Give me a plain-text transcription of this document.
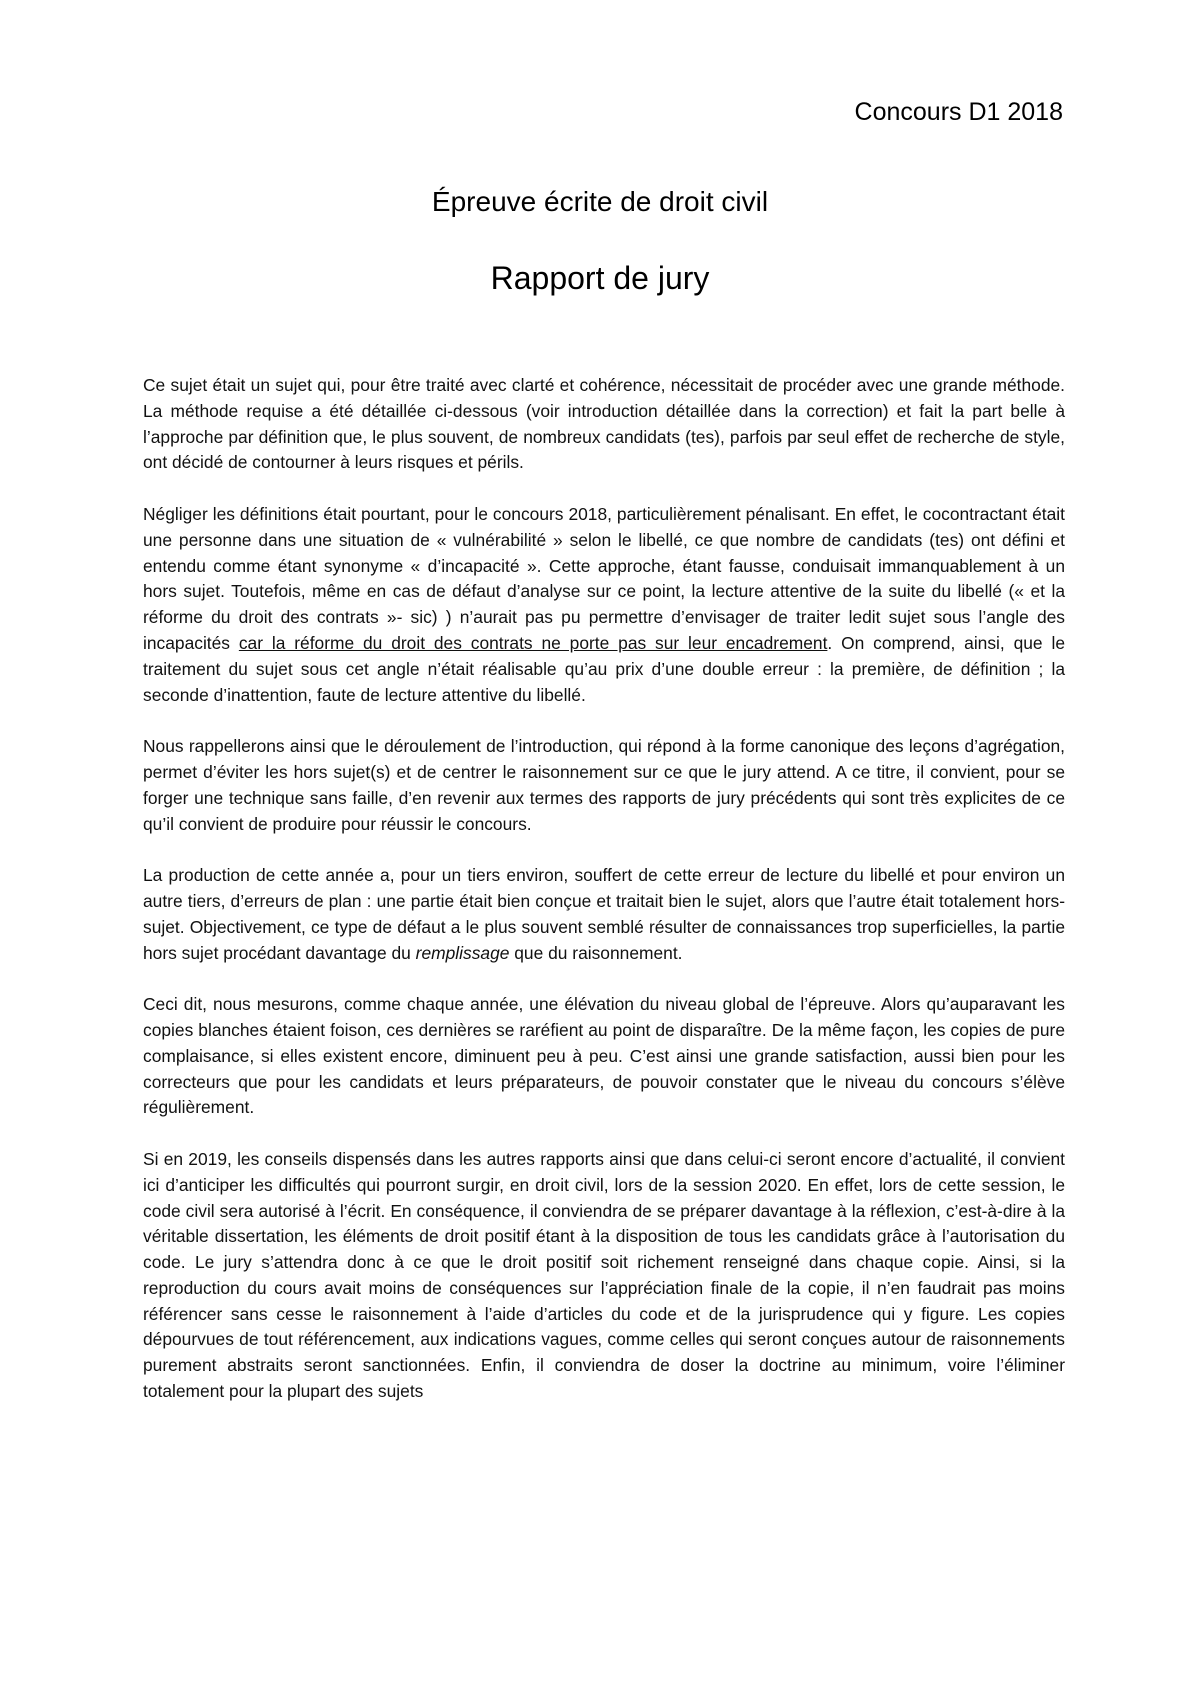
Concours D1 2018
Épreuve écrite de droit civil
Rapport de jury

Ce sujet était un sujet qui, pour être traité avec clarté et cohérence, nécessitait de procéder avec une grande méthode. La méthode requise a été détaillée ci-dessous (voir introduction détaillée dans la correction) et fait la part belle à l’approche par définition que, le plus souvent, de nombreux candidats (tes), parfois par seul effet de recherche de style, ont décidé de contourner à leurs risques et périls.

Négliger les définitions était pourtant, pour le concours 2018, particulièrement pénalisant. En effet, le cocontractant était une personne dans une situation de « vulnérabilité » selon le libellé, ce que nombre de candidats (tes) ont défini et entendu comme étant synonyme « d’incapacité ». Cette approche, étant fausse, conduisait immanquablement à un hors sujet. Toutefois, même en cas de défaut d’analyse sur ce point, la lecture attentive de la suite du libellé (« et la réforme du droit des contrats »- sic) ) n’aurait pas pu permettre d’envisager de traiter ledit sujet sous l’angle des incapacités car la réforme du droit des contrats ne porte pas sur leur encadrement. On comprend, ainsi, que le traitement du sujet sous cet angle n’était réalisable qu’au prix d’une double erreur : la première, de définition ; la seconde d’inattention, faute de lecture attentive du libellé.

Nous rappellerons ainsi que le déroulement de l’introduction, qui répond à la forme canonique des leçons d’agrégation, permet d’éviter les hors sujet(s) et de centrer le raisonnement sur ce que le jury attend. A ce titre, il convient, pour se forger une technique sans faille, d’en revenir aux termes des rapports de jury précédents qui sont très explicites de ce qu’il convient de produire pour réussir le concours.

La production de cette année a, pour un tiers environ, souffert de cette erreur de lecture du libellé et pour environ un autre tiers, d’erreurs de plan : une partie était bien conçue et traitait bien le sujet, alors que l’autre était totalement hors-sujet. Objectivement, ce type de défaut a le plus souvent semblé résulter de connaissances trop superficielles, la partie hors sujet procédant davantage du remplissage que du raisonnement.

Ceci dit, nous mesurons, comme chaque année, une élévation du niveau global de l’épreuve. Alors qu’auparavant les copies blanches étaient foison, ces dernières se raréfient au point de disparaître. De la même façon, les copies de pure complaisance, si elles existent encore, diminuent peu à peu. C’est ainsi une grande satisfaction, aussi bien pour les correcteurs que pour les candidats et leurs préparateurs, de pouvoir constater que le niveau du concours s’élève régulièrement.

Si en 2019, les conseils dispensés dans les autres rapports ainsi que dans celui-ci seront encore d’actualité, il convient ici d’anticiper les difficultés qui pourront surgir, en droit civil, lors de la session 2020. En effet, lors de cette session, le code civil sera autorisé à l’écrit. En conséquence, il conviendra de se préparer davantage à la réflexion, c’est-à-dire à la véritable dissertation, les éléments de droit positif étant à la disposition de tous les candidats grâce à l’autorisation du code. Le jury s’attendra donc à ce que le droit positif soit richement renseigné dans chaque copie. Ainsi, si la reproduction du cours avait moins de conséquences sur l’appréciation finale de la copie, il n’en faudrait pas moins référencer sans cesse le raisonnement à l’aide d’articles du code et de la jurisprudence qui y figure. Les copies dépourvues de tout référencement, aux indications vagues, comme celles qui seront conçues autour de raisonnements purement abstraits seront sanctionnées. Enfin, il conviendra de doser la doctrine au minimum, voire l’éliminer totalement pour la plupart des sujets
